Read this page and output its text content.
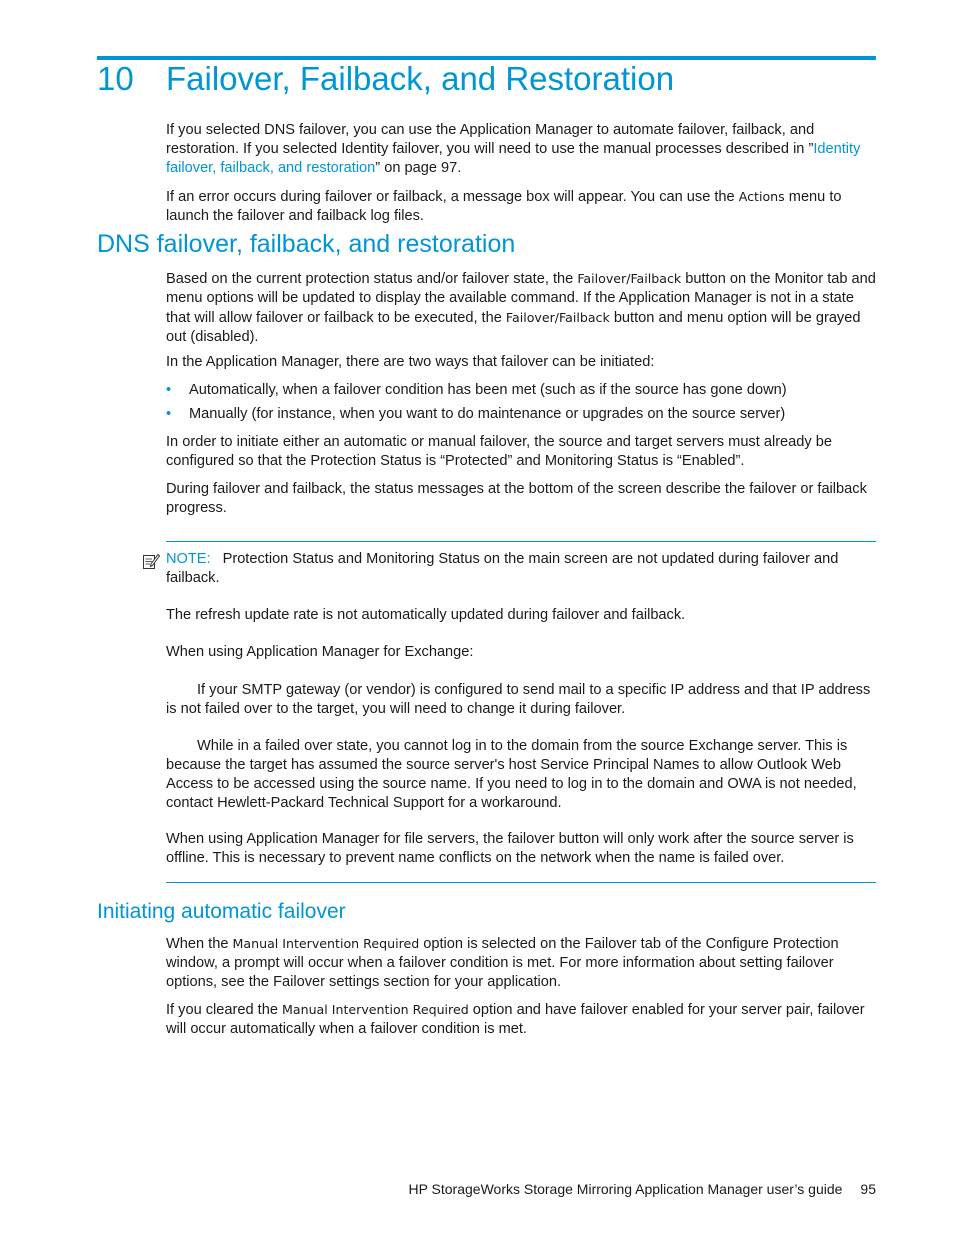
10 Failover, Failback, and Restoration

If you selected DNS failover, you can use the Application Manager to automate failover, failback, and restoration. If you selected Identity failover, you will need to use the manual processes described in ”Identity failover, failback, and restoration” on page 97.

If an error occurs during failover or failback, a message box will appear. You can use the Actions menu to launch the failover and failback log files.

DNS failover, failback, and restoration

Based on the current protection status and/or failover state, the Failover/Failback button on the Monitor tab and menu options will be updated to display the available command. If the Application Manager is not in a state that will allow failover or failback to be executed, the Failover/Failback button and menu option will be grayed out (disabled).

In the Application Manager, there are two ways that failover can be initiated:

• Automatically, when a failover condition has been met (such as if the source has gone down)
• Manually (for instance, when you want to do maintenance or upgrades on the source server)

In order to initiate either an automatic or manual failover, the source and target servers must already be configured so that the Protection Status is “Protected” and Monitoring Status is “Enabled”.

During failover and failback, the status messages at the bottom of the screen describe the failover or failback progress.

NOTE: Protection Status and Monitoring Status on the main screen are not updated during failover and failback.

The refresh update rate is not automatically updated during failover and failback.

When using Application Manager for Exchange:

If your SMTP gateway (or vendor) is configured to send mail to a specific IP address and that IP address is not failed over to the target, you will need to change it during failover.

While in a failed over state, you cannot log in to the domain from the source Exchange server. This is because the target has assumed the source server's host Service Principal Names to allow Outlook Web Access to be accessed using the source name. If you need to log in to the domain and OWA is not needed, contact Hewlett-Packard Technical Support for a workaround.

When using Application Manager for file servers, the failover button will only work after the source server is offline. This is necessary to prevent name conflicts on the network when the name is failed over.

Initiating automatic failover

When the Manual Intervention Required option is selected on the Failover tab of the Configure Protection window, a prompt will occur when a failover condition is met. For more information about setting failover options, see the Failover settings section for your application.

If you cleared the Manual Intervention Required option and have failover enabled for your server pair, failover will occur automatically when a failover condition is met.

HP StorageWorks Storage Mirroring Application Manager user’s guide 95
